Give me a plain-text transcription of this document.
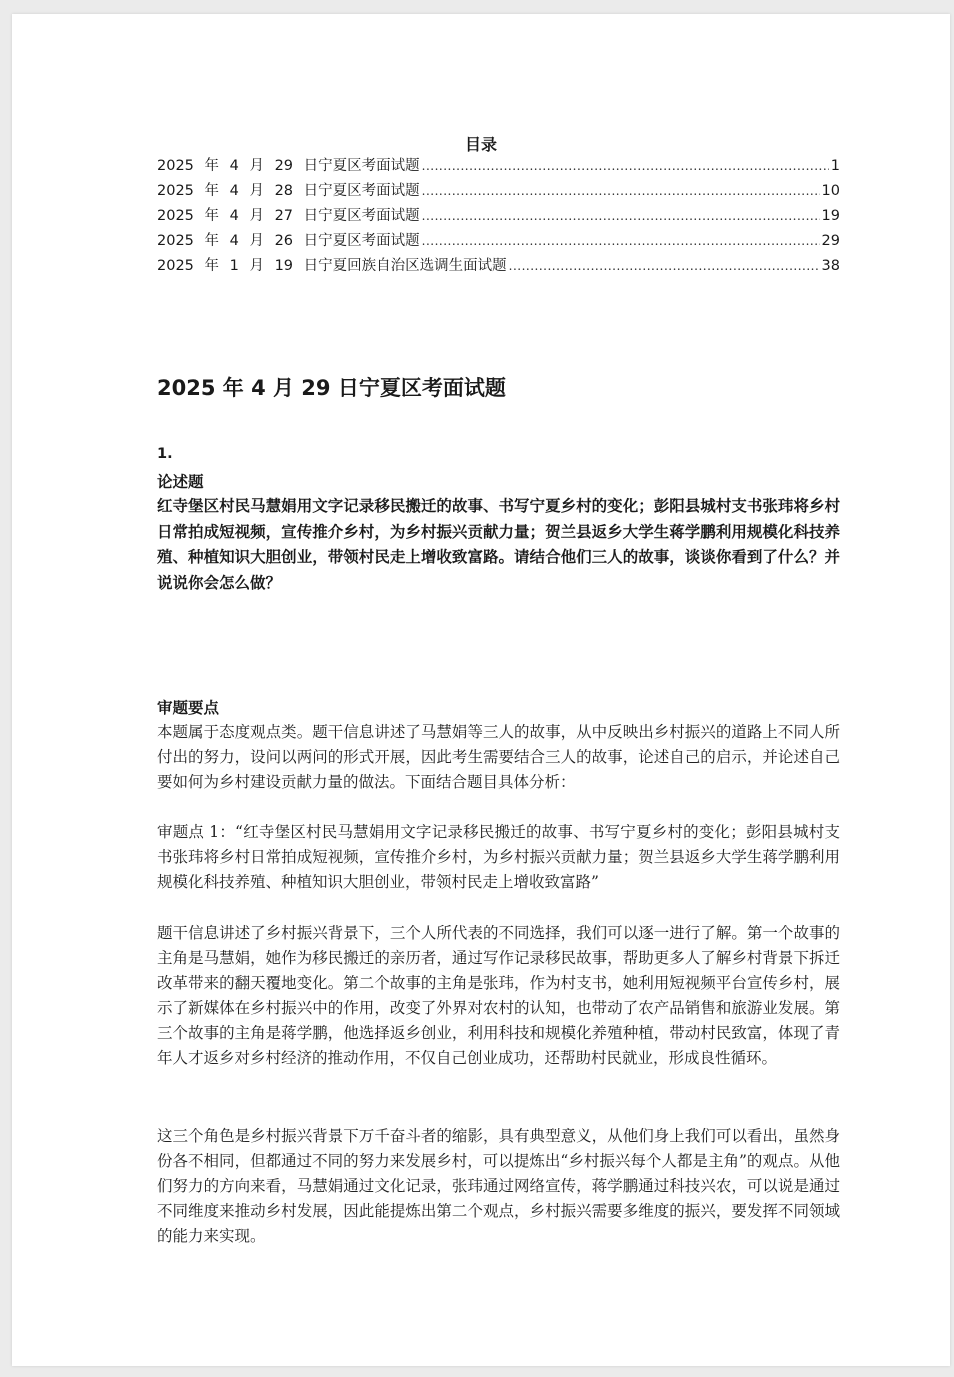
目录
2025 年 4 月 29 日宁夏区考面试题 .....	1
2025 年 4 月 28 日宁夏区考面试题 .....	10
2025 年 4 月 27 日宁夏区考面试题 .....	19
2025 年 4 月 26 日宁夏区考面试题 .....	29
2025 年 1 月 19 日宁夏回族自治区选调生面试题 .....	38
2025 年 4 月 29 日宁夏区考面试题
1.
论述题

红寺堡区村民马慧娟用文字记录移民搬迁的故事、书写宁夏乡村的变化；彭阳县城村支书张玮将乡村日常拍成短视频，宣传推介乡村，为乡村振兴贡献力量；贺兰县返乡大学生蒋学鹏利用规模化科技养殖、种植知识大胆创业，带领村民走上增收致富路。请结合他们三人的故事，谈谈你看到了什么？并说说你会怎么做？

审题要点

本题属于态度观点类。题干信息讲述了马慧娟等三人的故事，从中反映出乡村振兴的道路上不同人所付出的努力，设问以两问的形式开展，因此考生需要结合三人的故事，论述自己的启示，并论述自己要如何为乡村建设贡献力量的做法。下面结合题目具体分析：

审题点 1：“红寺堡区村民马慧娟用文字记录移民搬迁的故事、书写宁夏乡村的变化；彭阳县城村支书张玮将乡村日常拍成短视频，宣传推介乡村，为乡村振兴贡献力量；贺兰县返乡大学生蒋学鹏利用规模化科技养殖、种植知识大胆创业，带领村民走上增收致富路”

题干信息讲述了乡村振兴背景下，三个人所代表的不同选择，我们可以逐一进行了解。第一个故事的主角是马慧娟，她作为移民搬迁的亲历者，通过写作记录移民故事，帮助更多人了解乡村背景下拆迁改革带来的翻天覆地变化。第二个故事的主角是张玮，作为村支书，她利用短视频平台宣传乡村，展示了新媒体在乡村振兴中的作用，改变了外界对农村的认知，也带动了农产品销售和旅游业发展。第三个故事的主角是蒋学鹏，他选择返乡创业，利用科技和规模化养殖种植，带动村民致富，体现了青年人才返乡对乡村经济的推动作用，不仅自己创业成功，还帮助村民就业，形成良性循环。

这三个角色是乡村振兴背景下万千奋斗者的缩影，具有典型意义，从他们身上我们可以看出，虽然身份各不相同，但都通过不同的努力来发展乡村，可以提炼出“乡村振兴每个人都是主角”的观点。从他们努力的方向来看，马慧娟通过文化记录，张玮通过网络宣传，蒋学鹏通过科技兴农，可以说是通过不同维度来推动乡村发展，因此能提炼出第二个观点，乡村振兴需要多维度的振兴，要发挥不同领域的能力来实现。
